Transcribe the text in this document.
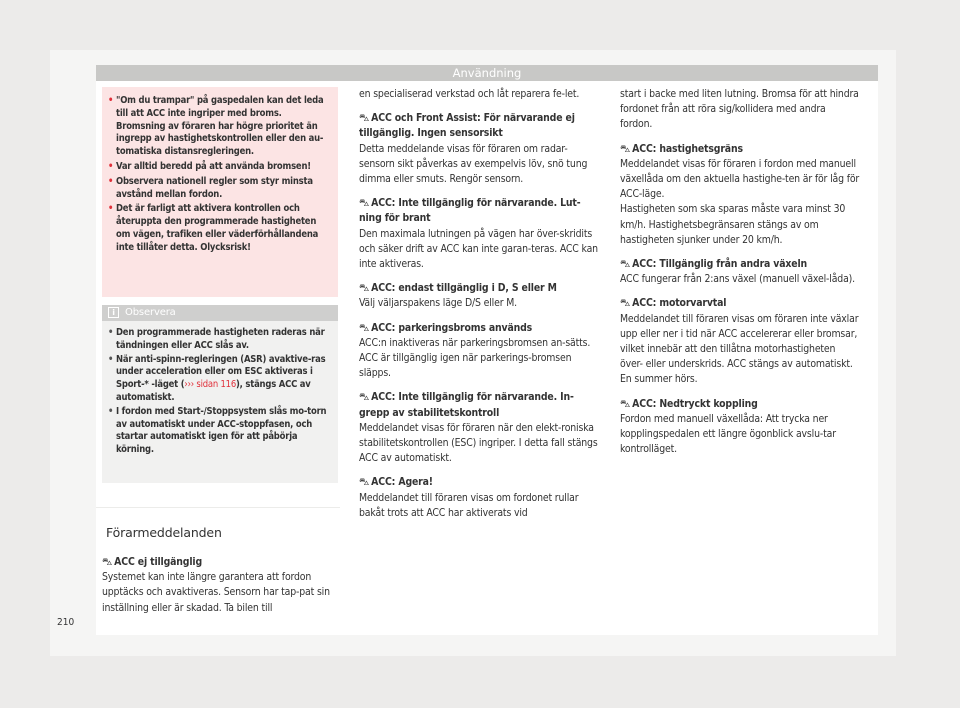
Användning
• "Om du trampar" på gaspedalen kan det leda till att ACC inte ingriper med broms. Bromsning av föraren har högre prioritet än ingrepp av hastighetskontrollen eller den au-tomatiska distansregleringen.
• Var alltid beredd på att använda bromsen!
• Observera nationell regler som styr minsta avstånd mellan fordon.
• Det är farligt att aktivera kontrollen och återuppta den programmerade hastigheten om vägen, trafiken eller väderförhållandena inte tillåter detta. Olycksrisk!
i Observera
• Den programmerade hastigheten raderas när tändningen eller ACC slås av.
• När anti-spinn-regleringen (ASR) avaktive-ras under acceleration eller om ESC aktiveras i Sport-* -läget (››› sidan 116), stängs ACC av automatiskt.
• I fordon med Start-/Stoppsystem slås mo-torn av automatiskt under ACC-stoppfasen, och startar automatiskt igen för att påbörja körning.
Förarmeddelanden

⛍ ACC ej tillgänglig

Systemet kan inte längre garantera att fordon upptäcks och avaktiveras. Sensorn har tap-pat sin inställning eller är skadad. Ta bilen till

en specialiserad verkstad och låt reparera fe-let.

⛍ ACC och Front Assist: För närvarande ej tillgänglig. Ingen sensorsikt

Detta meddelande visas för föraren om radar-sensorn sikt påverkas av exempelvis löv, snö tung dimma eller smuts. Rengör sensorn.

⛍ ACC: Inte tillgänglig för närvarande. Lut-ning för brant

Den maximala lutningen på vägen har över-skridits och säker drift av ACC kan inte garan-teras. ACC kan inte aktiveras.

⛍ ACC: endast tillgänglig i D, S eller M

Välj väljarspakens läge D/S eller M.

⛍ ACC: parkeringsbroms används

ACC:n inaktiveras när parkeringsbromsen an-sätts. ACC är tillgänglig igen när parkerings-bromsen släpps.

⛍ ACC: Inte tillgänglig för närvarande. In-grepp av stabilitetskontroll

Meddelandet visas för föraren när den elekt-roniska stabilitetskontrollen (ESC) ingriper. I detta fall stängs ACC av automatiskt.

⛍ ACC: Agera!

Meddelandet till föraren visas om fordonet rullar bakåt trots att ACC har aktiverats vid

start i backe med liten lutning. Bromsa för att hindra fordonet från att röra sig/kollidera med andra fordon.

⛍ ACC: hastighetsgräns

Meddelandet visas för föraren i fordon med manuell växellåda om den aktuella hastighe-ten är för låg för ACC-läge.

Hastigheten som ska sparas måste vara minst 30 km/h. Hastighetsbegränsaren stängs av om hastigheten sjunker under 20 km/h.

⛍ ACC: Tillgänglig från andra växeln

ACC fungerar från 2:ans växel (manuell växel-låda).

⛍ ACC: motorvarvtal

Meddelandet till föraren visas om föraren inte växlar upp eller ner i tid när ACC accelererar eller bromsar, vilket innebär att den tillåtna motorhastigheten över- eller underskrids. ACC stängs av automatiskt. En summer hörs.

⛍ ACC: Nedtryckt koppling

Fordon med manuell växellåda: Att trycka ner kopplingspedalen ett längre ögonblick avslu-tar kontrolläget.

210
